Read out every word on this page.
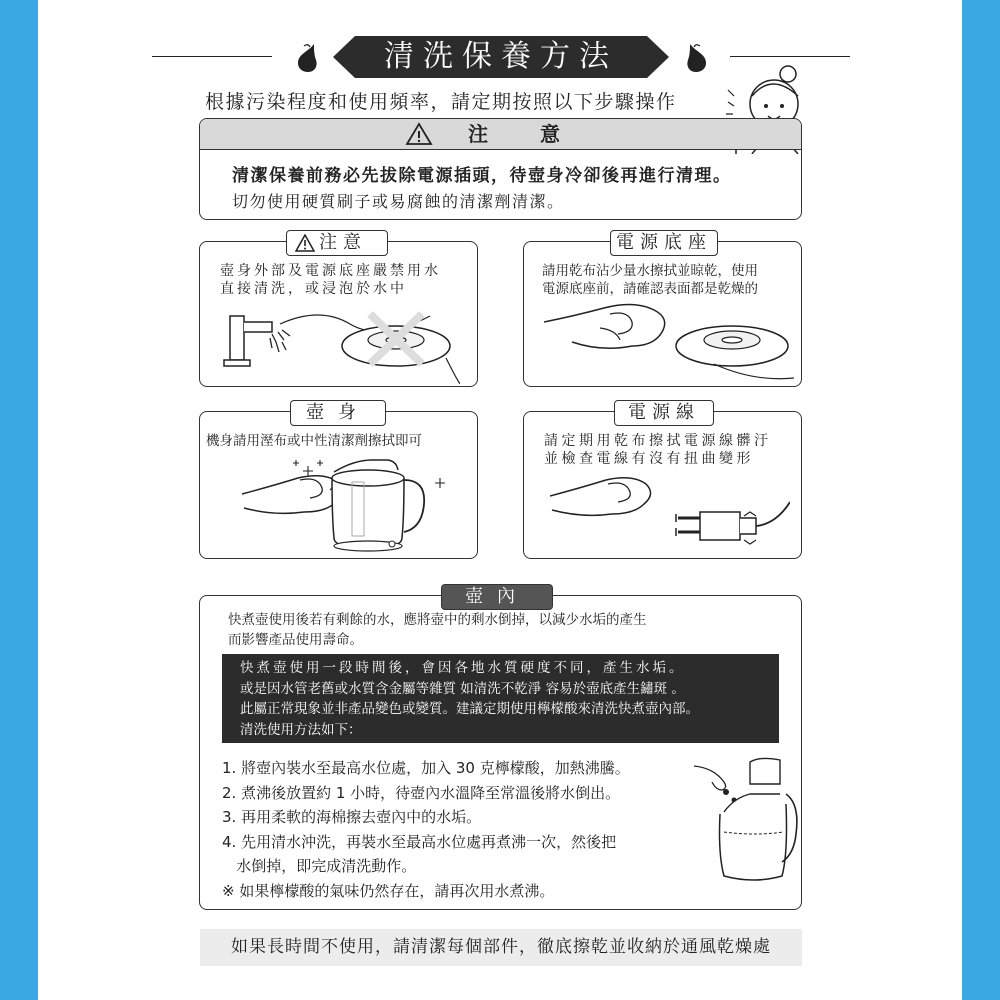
清洗保養方法
根據污染程度和使用頻率，請定期按照以下步驟操作
注意
清潔保養前務必先拔除電源插頭，待壺身冷卻後再進行清理。
切勿使用硬質刷子或易腐蝕的清潔劑清潔。
壺身外部及電源底座嚴禁用水
直接清洗，或浸泡於水中
注意
請用乾布沾少量水擦拭並晾乾，使用
電源底座前，請確認表面都是乾燥的
電源底座
機身請用溼布或中性清潔劑擦拭即可
壺身
請定期用乾布擦拭電源線髒汙
並檢查電線有沒有扭曲變形
電源線
快煮壺使用後若有剩餘的水，應將壺中的剩水倒掉，以減少水垢的產生
而影響產品使用壽命。
快煮壺使用一段時間後，會因各地水質硬度不同，產生水垢。
或是因水管老舊或水質含金屬等雜質 如清洗不乾淨 容易於壺底產生鏽斑 。
此屬正常現象並非產品變色或變質。建議定期使用檸檬酸來清洗快煮壺內部。
清洗使用方法如下：
1. 將壺內裝水至最高水位處，加入 30 克檸檬酸，加熱沸騰。
2. 煮沸後放置約 1 小時，待壺內水溫降至常溫後將水倒出。
3. 再用柔軟的海棉擦去壺內中的水垢。
4. 先用清水沖洗，再裝水至最高水位處再煮沸一次，然後把
水倒掉，即完成清洗動作。
※ 如果檸檬酸的氣味仍然存在，請再次用水煮沸。
壺內
如果長時間不使用，請清潔每個部件，徹底擦乾並收納於通風乾燥處
